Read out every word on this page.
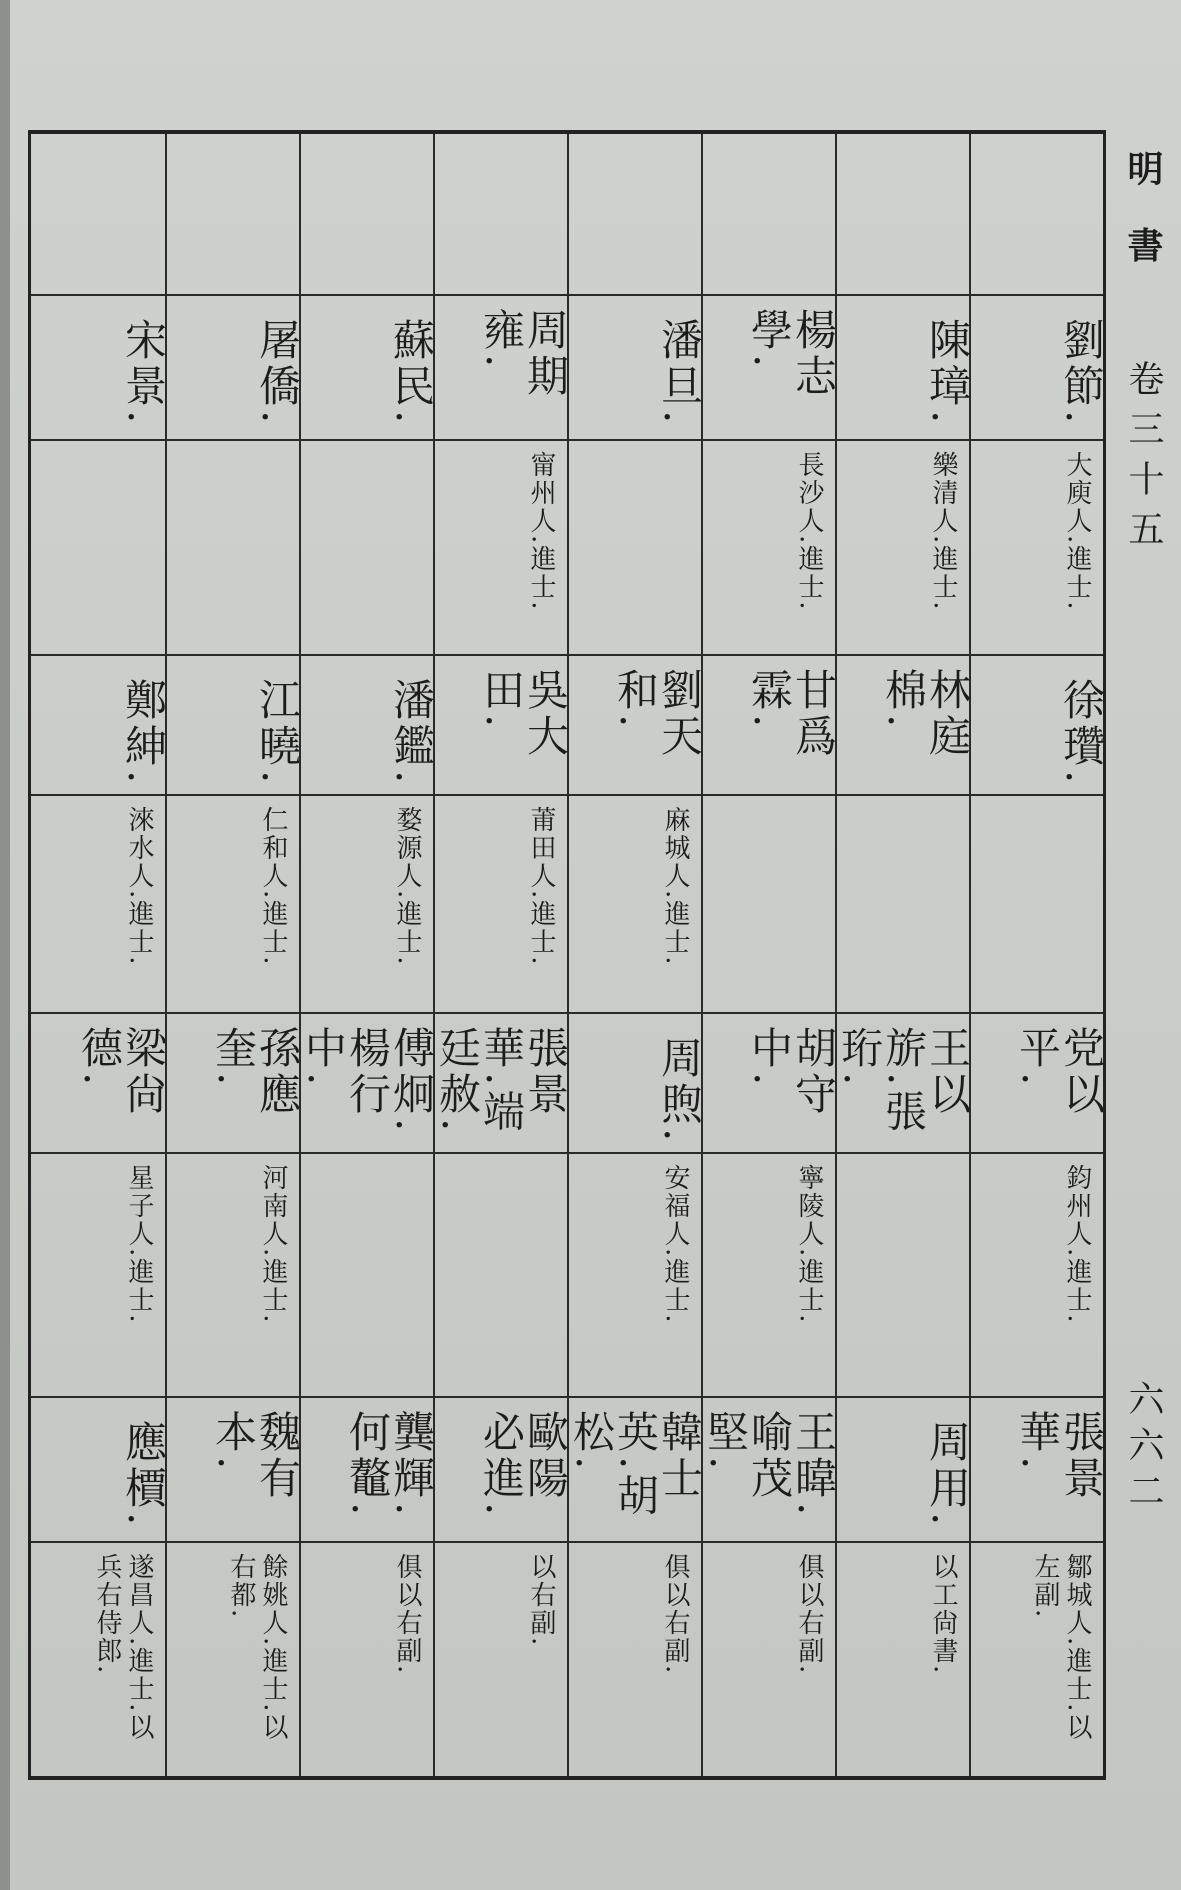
明 書
卷三十五
六六二
劉節.
大庾人.進士.
徐瓚.
党以平.
鈞州人.進士.
張景華.
鄒城人.進士.以左副.
陳璋.
樂清人.進士.
林庭棉.
王以旂.張珩.
周用.
以工尙書.
楊志學.
長沙人.進士.
甘爲霖.
胡守中.
寧陵人.進士.
王暐.喻茂堅.
俱以右副.
潘旦.
劉天和.
麻城人.進士.
周煦.
安福人.進士.
韓士英.胡松.
俱以右副.
周期雍.
甯州人.進士.
吳大田.
莆田人.進士.
張景華.端廷赦.
歐陽必進.
以右副.
蘇民.
潘鑑.
婺源人.進士.
傅炯.楊行中.
龔輝.何鼇.
俱以右副.
屠僑.
江曉.
仁和人.進士.
孫應奎.
河南人.進士.
魏有本.
餘姚人.進士.以右都.
宋景.
鄭紳.
淶水人.進士.
梁尙德.
星子人.進士.
應檟.
遂昌人.進士.以兵右侍郎.
